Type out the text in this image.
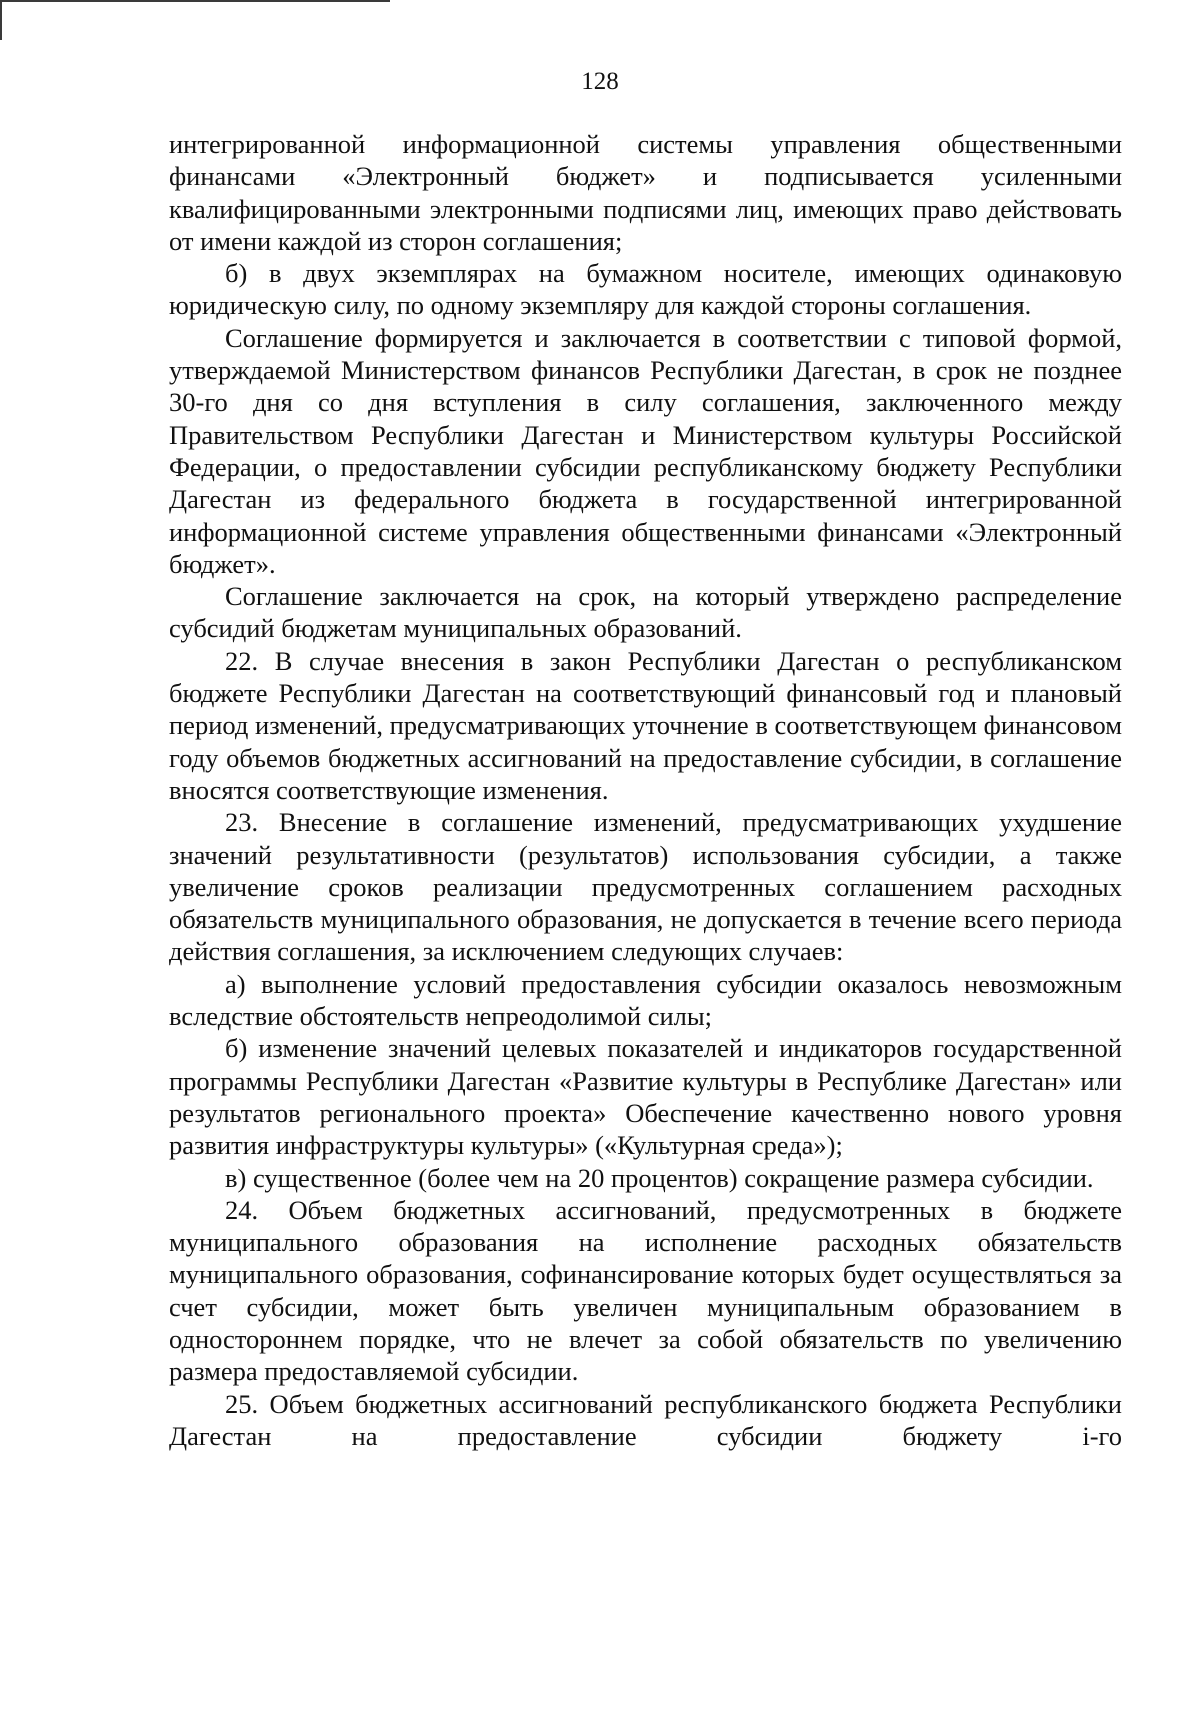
128

интегрированной информационной системы управления общественными финансами «Электронный бюджет» и подписывается усиленными квалифицированными электронными подписями лиц, имеющих право действовать от имени каждой из сторон соглашения;

б) в двух экземплярах на бумажном носителе, имеющих одинаковую юридическую силу, по одному экземпляру для каждой стороны соглашения.

Соглашение формируется и заключается в соответствии с типовой формой, утверждаемой Министерством финансов Республики Дагестан, в срок не позднее 30-го дня со дня вступления в силу соглашения, заключенного между Правительством Республики Дагестан и Министерством культуры Российской Федерации, о предоставлении субсидии республиканскому бюджету Республики Дагестан из федерального бюджета в государственной интегрированной информационной системе управления общественными финансами «Электронный бюджет».

Соглашение заключается на срок, на который утверждено распределение субсидий бюджетам муниципальных образований.

22. В случае внесения в закон Республики Дагестан о республиканском бюджете Республики Дагестан на соответствующий финансовый год и плановый период изменений, предусматривающих уточнение в соответствующем финансовом году объемов бюджетных ассигнований на предоставление субсидии, в соглашение вносятся соответствующие изменения.

23. Внесение в соглашение изменений, предусматривающих ухудшение значений результативности (результатов) использования субсидии, а также увеличение сроков реализации предусмотренных соглашением расходных обязательств муниципального образования, не допускается в течение всего периода действия соглашения, за исключением следующих случаев:

а) выполнение условий предоставления субсидии оказалось невозможным вследствие обстоятельств непреодолимой силы;

б) изменение значений целевых показателей и индикаторов государственной программы Республики Дагестан «Развитие культуры в Республике Дагестан» или результатов регионального проекта» Обеспечение качественно нового уровня развития инфраструктуры культуры» («Культурная среда»);

в) существенное (более чем на 20 процентов) сокращение размера субсидии.

24. Объем бюджетных ассигнований, предусмотренных в бюджете муниципального образования на исполнение расходных обязательств муниципального образования, софинансирование которых будет осуществляться за счет субсидии, может быть увеличен муниципальным образованием в одностороннем порядке, что не влечет за собой обязательств по увеличению размера предоставляемой субсидии.

25. Объем бюджетных ассигнований республиканского бюджета Республики Дагестан на предоставление субсидии бюджету i-го
